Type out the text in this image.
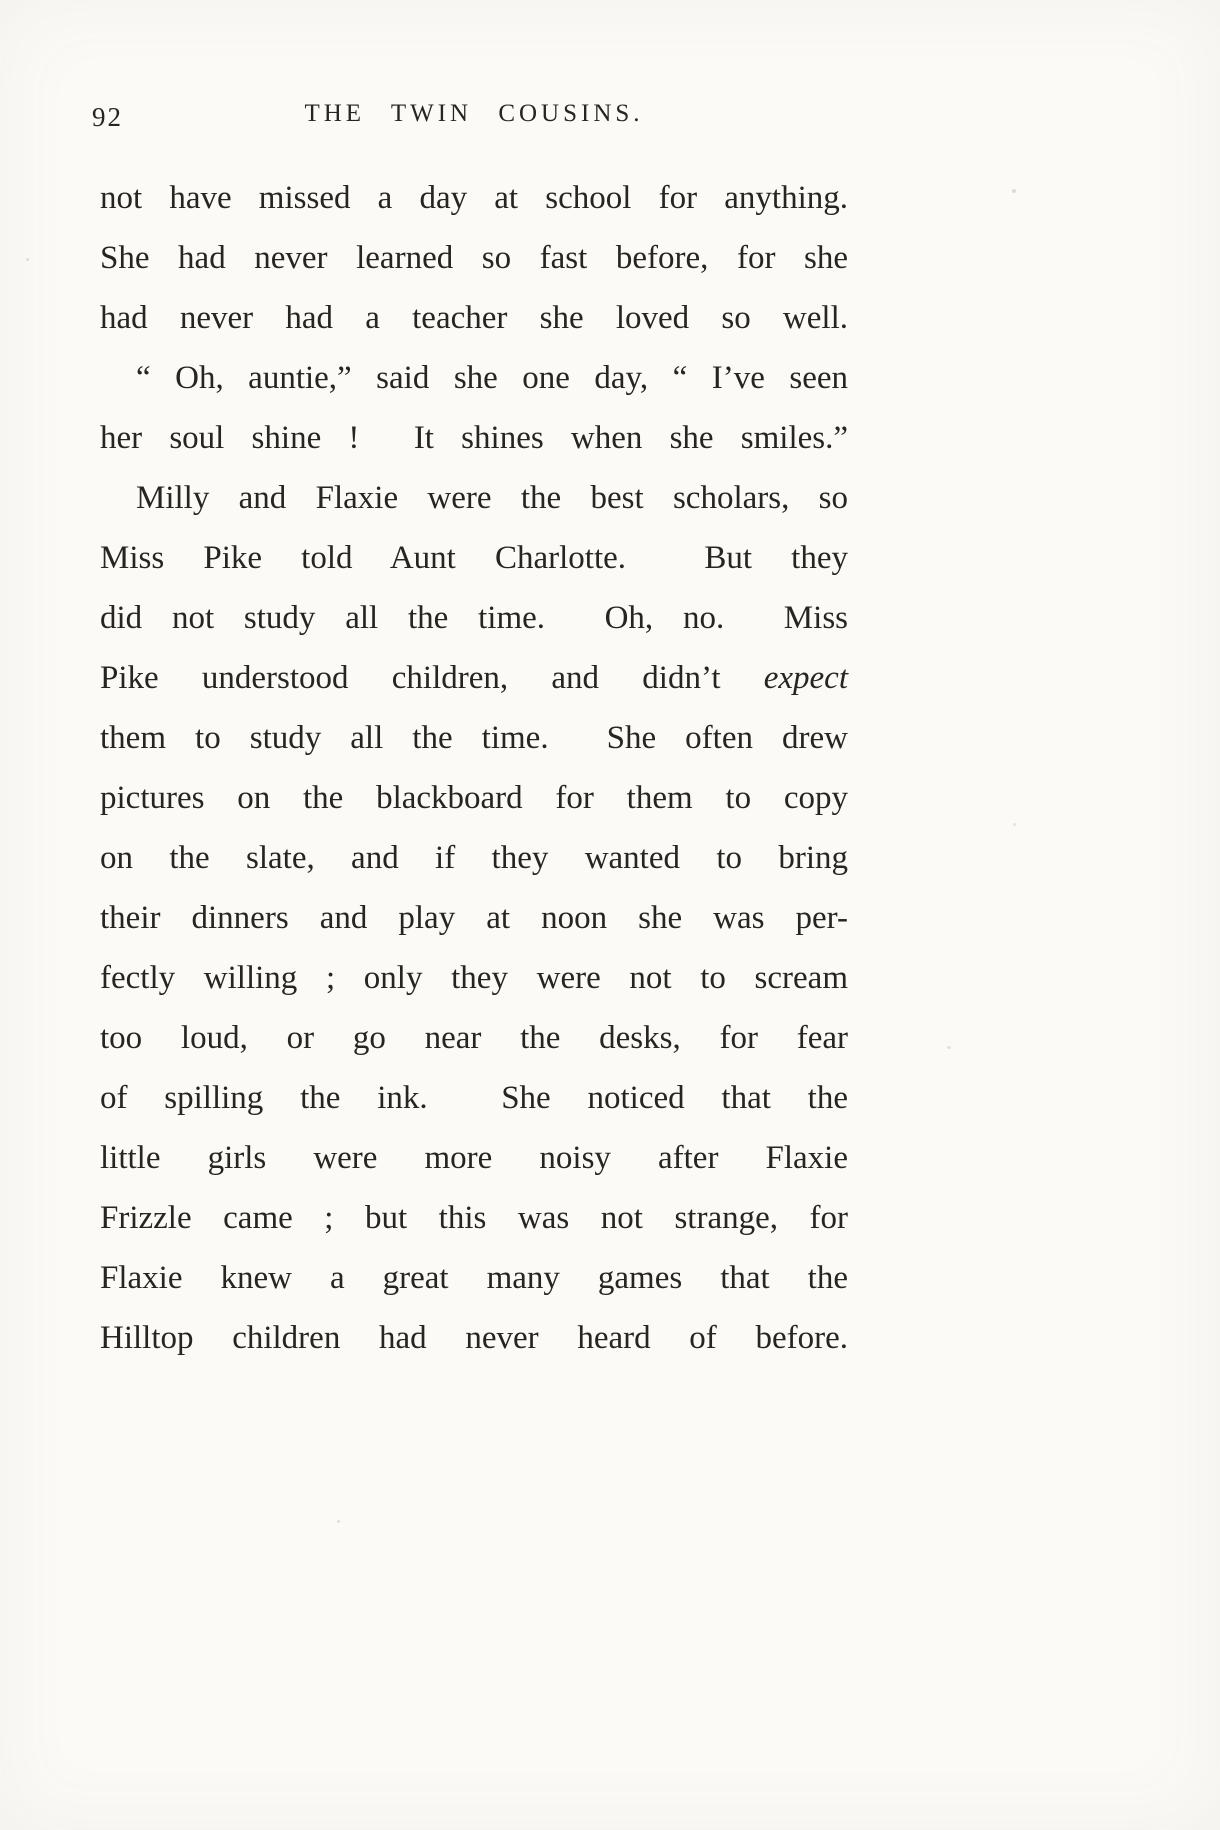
92	THE TWIN COUSINS.
not have missed a day at school for anything.
She had never learned so fast before, for she
had never had a teacher she loved so well.
“ Oh, auntie,” said she one day, “ I’ve seen
her soul shine !  It shines when she smiles.”
Milly and Flaxie were the best scholars, so
Miss Pike told Aunt Charlotte.  But they
did not study all the time.  Oh, no.  Miss
Pike understood children, and didn’t expect
them to study all the time.  She often drew
pictures on the blackboard for them to copy
on the slate, and if they wanted to bring
their dinners and play at noon she was per-
fectly willing ; only they were not to scream
too loud, or go near the desks, for fear
of spilling the ink.  She noticed that the
little girls were more noisy after Flaxie
Frizzle came ; but this was not strange, for
Flaxie knew a great many games that the
Hilltop children had never heard of before.
